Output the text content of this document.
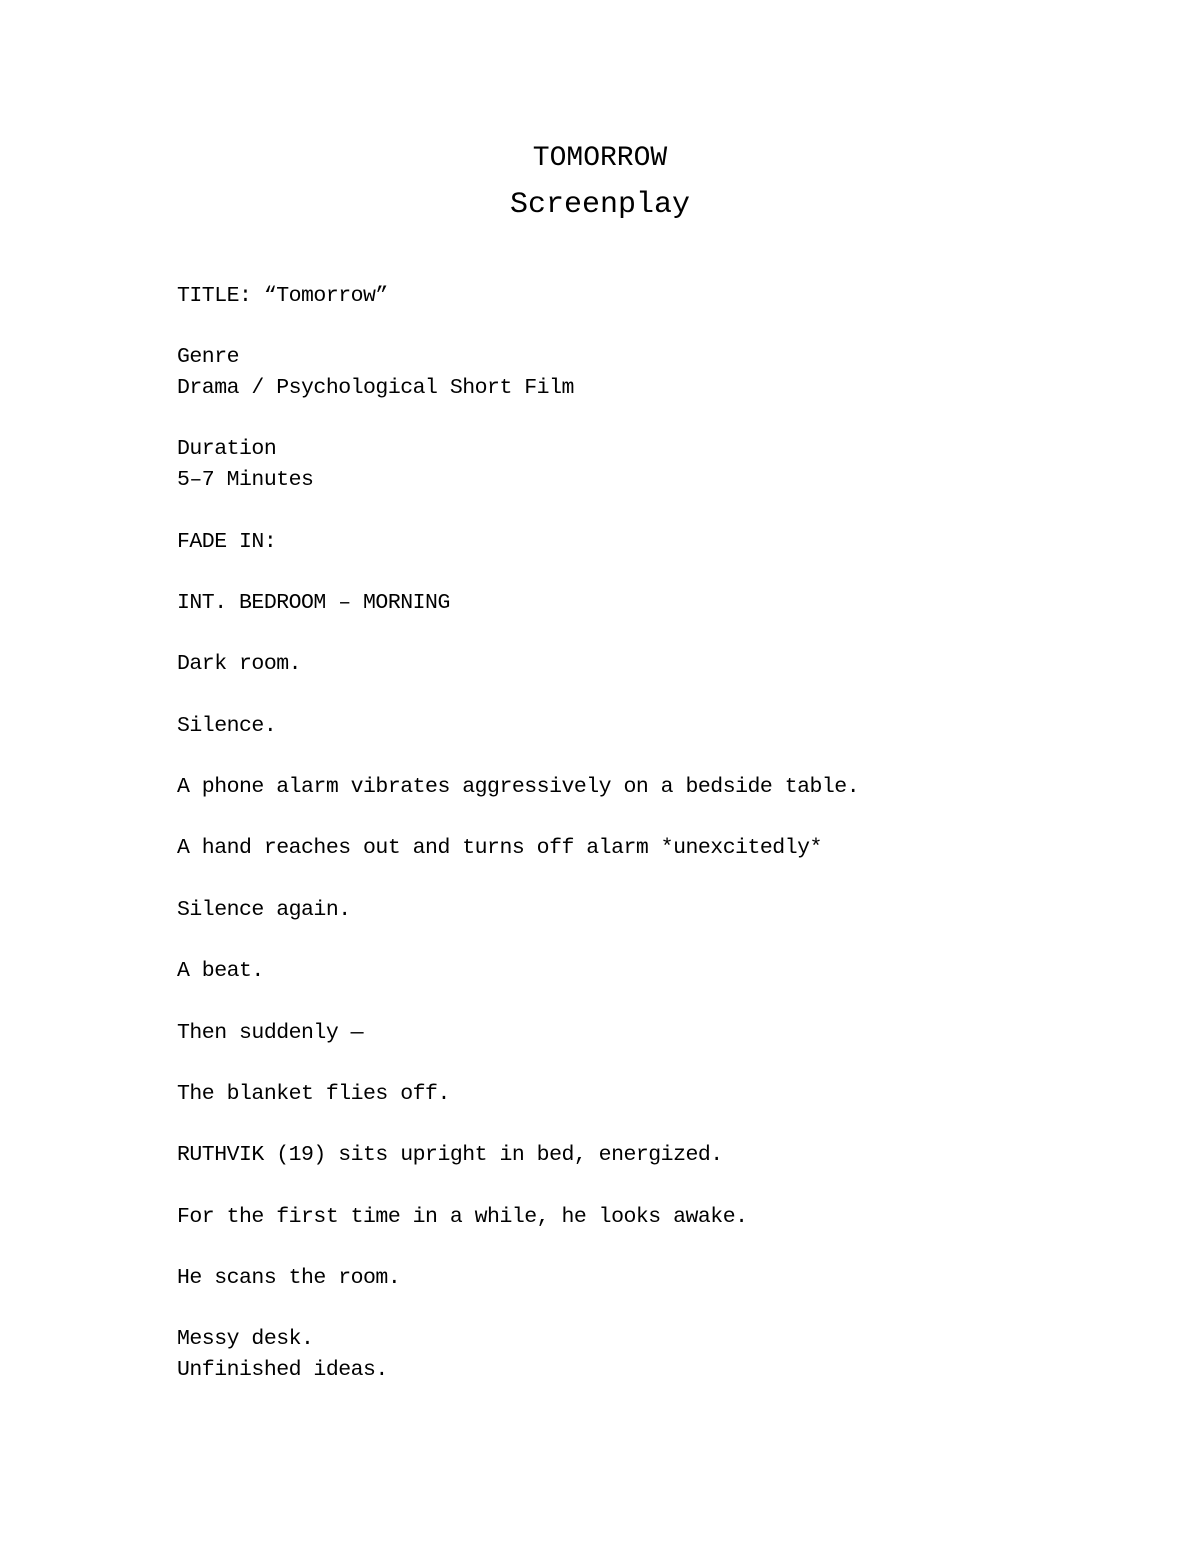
TOMORROW
Screenplay
TITLE: “Tomorrow”
Genre
Drama / Psychological Short Film
Duration
5–7 Minutes
FADE IN:
INT. BEDROOM – MORNING
Dark room.
Silence.
A phone alarm vibrates aggressively on a bedside table.
A hand reaches out and turns off alarm *unexcitedly*
Silence again.
A beat.
Then suddenly —
The blanket flies off.
RUTHVIK (19) sits upright in bed, energized.
For the first time in a while, he looks awake.
He scans the room.
Messy desk.
Unfinished ideas.
